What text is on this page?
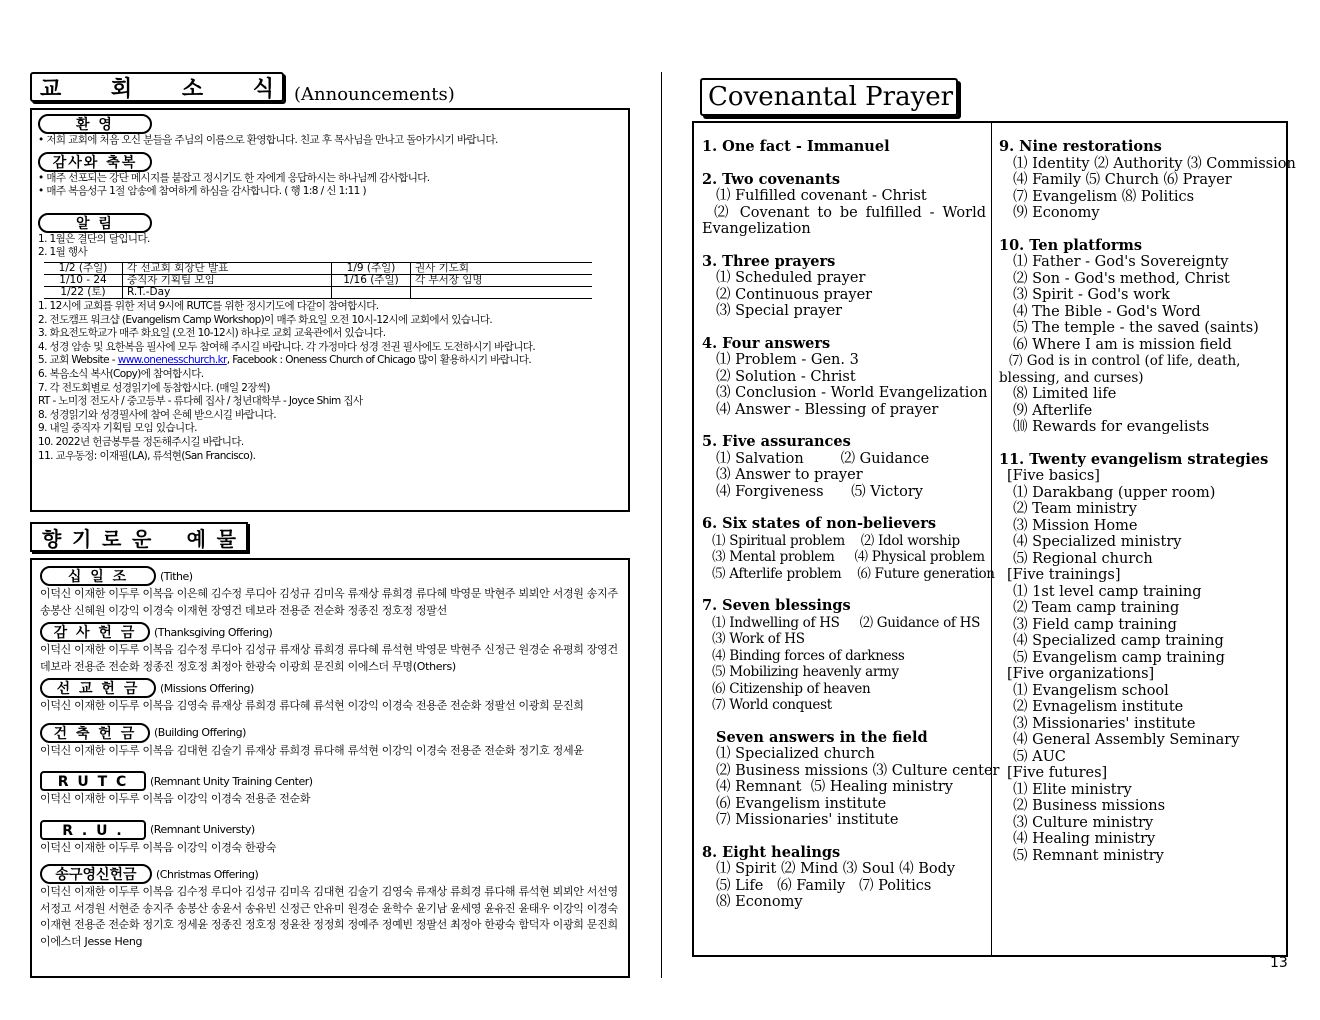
교 회 소 식 (Announcements)
환 영
• 저희 교회에 처음 오신 분들을 주님의 이름으로 환영합니다. 친교 후 목사님을 만나고 돌아가시기 바랍니다.
감사와 축복
• 매주 선포되는 강단 메시지를 붙잡고 정시기도 한 자에게 응답하시는 하나님께 감사합니다.
• 매주 복음성구 1절 암송에 참여하게 하심을 감사합니다. ( 행 1:8 / 신 1:11 )
알 림
1. 1월은 결단의 달입니다.
2. 1월 행사
1/2 (주일)	각 선교회 회장단 발표	1/9 (주일)	권사 기도회
1/10 - 24	중직자 기획팀 모임	1/16 (주일)	각 부서장 임명
1/22 (토)	R.T.-Day		
1. 12시에 교회를 위한 저녁 9시에 RUTC를 위한 정시기도에 다같이 참여합시다.
2. 전도캠프 워크샵 (Evangelism Camp Workshop)이 매주 화요일 오전 10시-12시에 교회에서 있습니다.
3. 화요전도학교가 매주 화요일 (오전 10-12시) 하나로 교회 교육관에서 있습니다.
4. 성경 암송 및 요한복음 필사에 모두 참여해 주시길 바랍니다. 각 가정마다 성경 전권 필사에도 도전하시기 바랍니다.
5. 교회 Website - www.onenesschurch.kr, Facebook : Oneness Church of Chicago 많이 활용하시기 바랍니다.
6. 복음소식 복사(Copy)에 참여합시다.
7. 각 전도회별로 성경읽기에 동참합시다. (매일 2장씩)
RT - 노미정 전도사 / 중고등부 - 류다혜 집사 / 청년대학부 - Joyce Shim 집사
8. 성경읽기와 성경필사에 참여 은혜 받으시길 바랍니다.
9. 내일 중직자 기획팀 모임 있습니다.
10. 2022년 헌금봉투를 정돈해주시길 바랍니다.
11. 교우동정: 이재필(LA), 류석현(San Francisco).
향 기 로 운 예 물
십 일 조	(Tithe)
이덕신 이재한 이두루 이복음 이은혜 김수정 루디아 김성규 김미옥 류재상 류희경 류다혜 박영문 박현주 뵈뵈안 서경원 송지주 송봉산 신혜원 이강익 이경숙 이재현 장영건 데보라 전용준 전순화 정종진 정호정 정팔선
감 사 헌 금	(Thanksgiving Offering)
이덕신 이재한 이두루 이복음 김수정 루디아 김성규 류재상 류희경 류다혜 류석현 박영문 박현주 신정근 원경순 유평희 장영건 데보라 전용준 전순화 정종진 정호정 최정아 한광숙 이광희 문진희 이에스더 무명(Others)
선 교 헌 금	(Missions Offering)
이덕신 이재한 이두루 이복음 김영숙 류재상 류희경 류다혜 류석현 이강익 이경숙 전용준 전순화 정팔선 이광희 문진희
건 축 헌 금	(Building Offering)
이덕신 이재한 이두루 이복음 김대현 김술기 류재상 류희경 류다해 류석현 이강익 이경숙 전용준 전순화 정기호 정세윤
R U T C	(Remnant Unity Training Center)
이덕신 이재한 이두루 이복음 이강익 이경숙 전용준 전순화
R . U .	(Remnant Universty)
이덕신 이재한 이두루 이복음 이강익 이경숙 한광숙
송구영신헌금	(Christmas Offering)
이덕신 이재한 이두루 이복음 김수정 루디아 김성규 김미옥 김대현 김술기 김영숙 류재상 류희경 류다해 류석현 뵈뵈안 서선영 서정고 서경원 서현준 송지주 송봉산 송윤서 송유빈 신정근 안유미 원경순 윤학수 윤기남 윤세영 윤유진 윤태우 이강익 이경숙 이재현 전용준 전순화 정기호 정세윤 정종진 정호정 정윤찬 정정희 정예주 정예빈 정팔선 최정아 한광숙 함덕자 이광희 문진희 이에스더 Jesse Heng
Covenantal Prayer
1. One fact - Immanuel
2. Two covenants
⑴ Fulfilled covenant - Christ
⑵ Covenant to be fulfilled - World Evangelization
3. Three prayers
⑴ Scheduled prayer
⑵ Continuous prayer
⑶ Special prayer
4. Four answers
⑴ Problem - Gen. 3
⑵ Solution - Christ
⑶ Conclusion - World Evangelization
⑷ Answer - Blessing of prayer
5. Five assurances
⑴ Salvation        ⑵ Guidance
⑶ Answer to prayer
⑷ Forgiveness      ⑸ Victory
6. Six states of non-believers
⑴ Spiritual problem    ⑵ Idol worship
⑶ Mental problem     ⑷ Physical problem
⑸ Afterlife problem    ⑹ Future generation
7. Seven blessings
⑴ Indwelling of HS     ⑵ Guidance of HS
⑶ Work of HS
⑷ Binding forces of darkness
⑸ Mobilizing heavenly army
⑹ Citizenship of heaven
⑺ World conquest
Seven answers in the field
⑴ Specialized church
⑵ Business missions ⑶ Culture center
⑷ Remnant  ⑸ Healing ministry
⑹ Evangelism institute
⑺ Missionaries' institute
8. Eight healings
⑴ Spirit ⑵ Mind ⑶ Soul ⑷ Body
⑸ Life   ⑹ Family   ⑺ Politics
⑻ Economy
9. Nine restorations
⑴ Identity ⑵ Authority ⑶ Commission
⑷ Family ⑸ Church ⑹ Prayer
⑺ Evangelism ⑻ Politics
⑼ Economy
10. Ten platforms
⑴ Father - God's Sovereignty
⑵ Son - God's method, Christ
⑶ Spirit - God's work
⑷ The Bible - God's Word
⑸ The temple - the saved (saints)
⑹ Where I am is mission field
⑺ God is in control (of life, death, blessing, and curses)
⑻ Limited life
⑼ Afterlife
⑽ Rewards for evangelists
11. Twenty evangelism strategies
[Five basics]
⑴ Darakbang (upper room)
⑵ Team ministry
⑶ Mission Home
⑷ Specialized ministry
⑸ Regional church
[Five trainings]
⑴ 1st level camp training
⑵ Team camp training
⑶ Field camp training
⑷ Specialized camp training
⑸ Evangelism camp training
[Five organizations]
⑴ Evangelism school
⑵ Evnagelism institute
⑶ Missionaries' institute
⑷ General Assembly Seminary
⑸ AUC
[Five futures]
⑴ Elite ministry
⑵ Business missions
⑶ Culture ministry
⑷ Healing ministry
⑸ Remnant ministry
13
